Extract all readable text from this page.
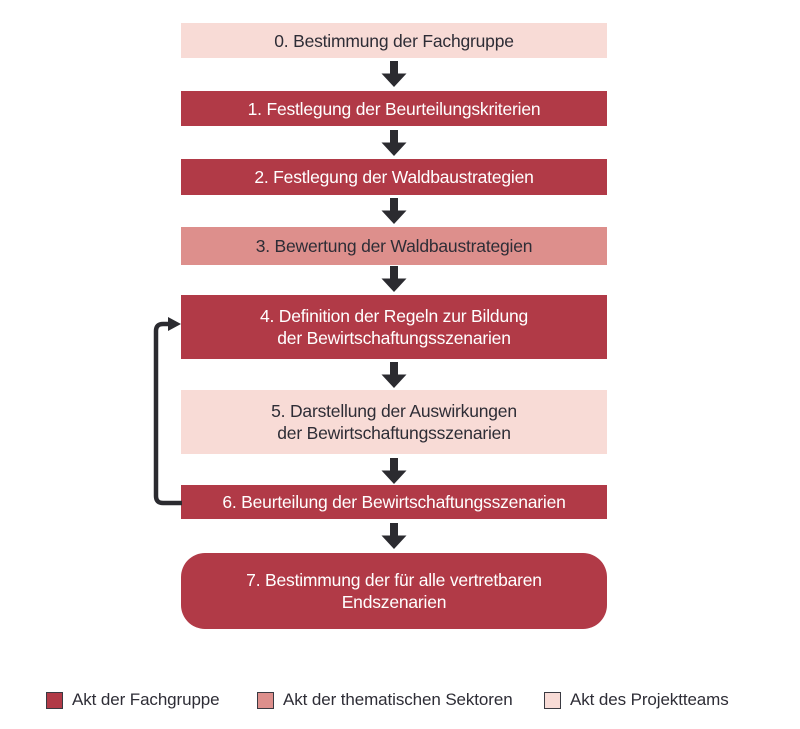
0. Bestimmung der Fachgruppe
1. Festlegung der Beurteilungskriterien
2. Festlegung der Waldbaustrategien
3. Bewertung der Waldbaustrategien
4. Definition der Regeln zur Bildung
der Bewirtschaftungsszenarien
5. Darstellung der Auswirkungen
der Bewirtschaftungsszenarien
6. Beurteilung der Bewirtschaftungsszenarien
7. Bestimmung der für alle vertretbaren
Endszenarien
Akt der Fachgruppe	Akt der thematischen Sektoren	Akt des Projektteams
